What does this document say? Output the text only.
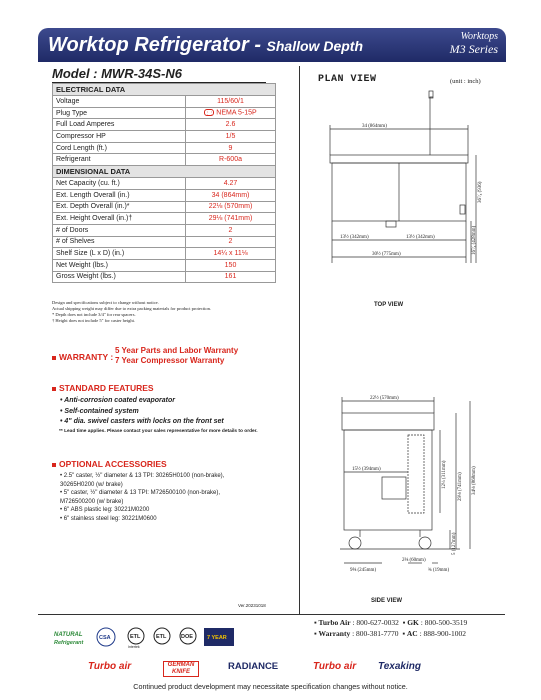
Worktop Refrigerator - Shallow Depth
Worktops
M3 Series
Model : MWR-34S-N6
ELECTRICAL DATA	
Voltage	115/60/1
Plug Type	⋮⋮ NEMA 5-15P
Full Load Amperes	2.6
Compressor HP	1/5
Cord Length (ft.)	9
Refrigerant	R-600a
DIMENSIONAL DATA	
Net Capacity (cu. ft.)	4.27
Ext. Length Overall (in.)	34 (864mm)
Ext. Depth Overall (in.)*	22⅛ (570mm)
Ext. Height Overall (in.)†	29⅛ (741mm)
# of Doors	2
# of Shelves	2
Shelf Size (L x D) (in.)	14¼ x 11⅛
Net Weight (lbs.)	150
Gross Weight (lbs.)	161
Design and specifications subject to change without notice.
Actual shipping weight may differ due to extra packing materials for product protection.
* Depth does not include 3/4" for rear spacers.
† Height does not include 5" for caster height.
WARRANTY :
5 Year Parts and Labor Warranty
7 Year Compressor Warranty
STANDARD FEATURES
• Anti-corrosion coated evaporator
• Self-contained system
• 4" dia. swivel casters with locks on the front set
** Lead time applies. Please contact your sales representative for more details to order.
OPTIONAL ACCESSORIES
• 2.5" caster, ½" diameter & 13 TPI: 30265H0100 (non-brake),
30265H0200 (w/ brake)
• 5" caster, ½" diameter & 13 TPI: M726500100 (non-brake),
M726500200 (w/ brake)
• 6" ABS plastic leg: 30221M0200
• 6" stainless steel leg: 30221M0600
Ver.20231018
PLAN VIEW	(unit : inch)
34 (864mm)
13½ (342mm)	13½ (342mm)
30½ (775mm)
36⁷⁄₈ (936)
16⁷⁄₈ (428mm)
22½ (570mm)
15½ (394mm)	12¼ (311mm) 29⅛ (741mm) 34⅛ (868mm)
5 (127mm)
9⅝ (245mm)
2⅜ (60mm)
¾ (19mm)
TOP VIEW
SIDE VIEW
NATURAL
Refrigerant
CSA	ETL
Intertek
ETL	DOE	7 YEAR
▪ Turbo Air : 800-627-0032  ▪ GK : 800-500-3519
▪ Warranty : 800-381-7770  ▪ AC : 888-900-1002
Turbo air	GERMAN KNIFE	RADIANCE	Turbo air Texaking
Continued product development may necessitate specification changes without notice.
